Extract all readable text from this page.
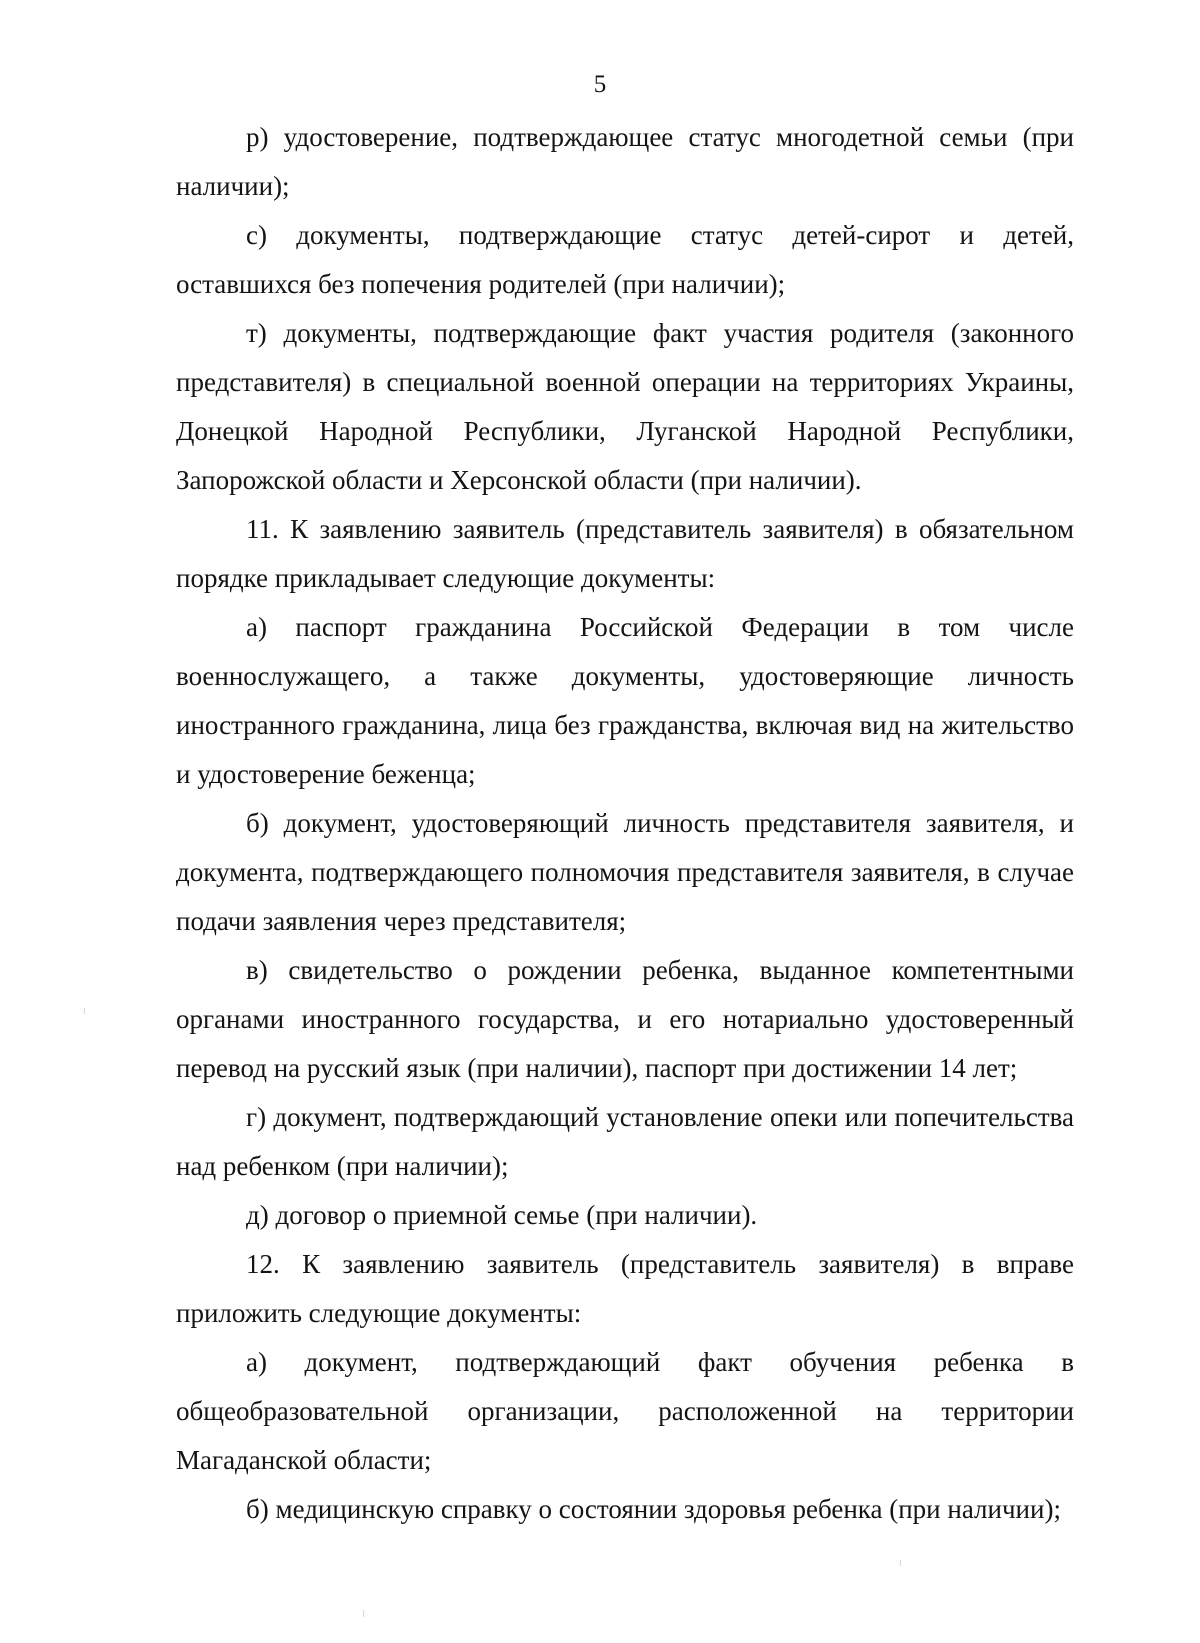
5

р) удостоверение, подтверждающее статус многодетной семьи (при наличии);

с) документы, подтверждающие статус детей-сирот и детей, оставшихся без попечения родителей (при наличии);

т) документы, подтверждающие факт участия родителя (законного представителя) в специальной военной операции на территориях Украины, Донецкой Народной Республики, Луганской Народной Республики, Запорожской области и Херсонской области (при наличии).

11. К заявлению заявитель (представитель заявителя) в обязательном порядке прикладывает следующие документы:

а) паспорт гражданина Российской Федерации в том числе военнослужащего, а также документы, удостоверяющие личность иностранного гражданина, лица без гражданства, включая вид на жительство и удостоверение беженца;

б) документ, удостоверяющий личность представителя заявителя, и документа, подтверждающего полномочия представителя заявителя, в случае подачи заявления через представителя;

в) свидетельство о рождении ребенка, выданное компетентными органами иностранного государства, и его нотариально удостоверенный перевод на русский язык (при наличии), паспорт при достижении 14 лет;

г) документ, подтверждающий установление опеки или попечительства над ребенком (при наличии);

д) договор о приемной семье (при наличии).

12. К заявлению заявитель (представитель заявителя) в вправе приложить следующие документы:

а) документ, подтверждающий факт обучения ребенка в общеобразовательной организации, расположенной на территории Магаданской области;

б) медицинскую справку о состоянии здоровья ребенка (при наличии);
